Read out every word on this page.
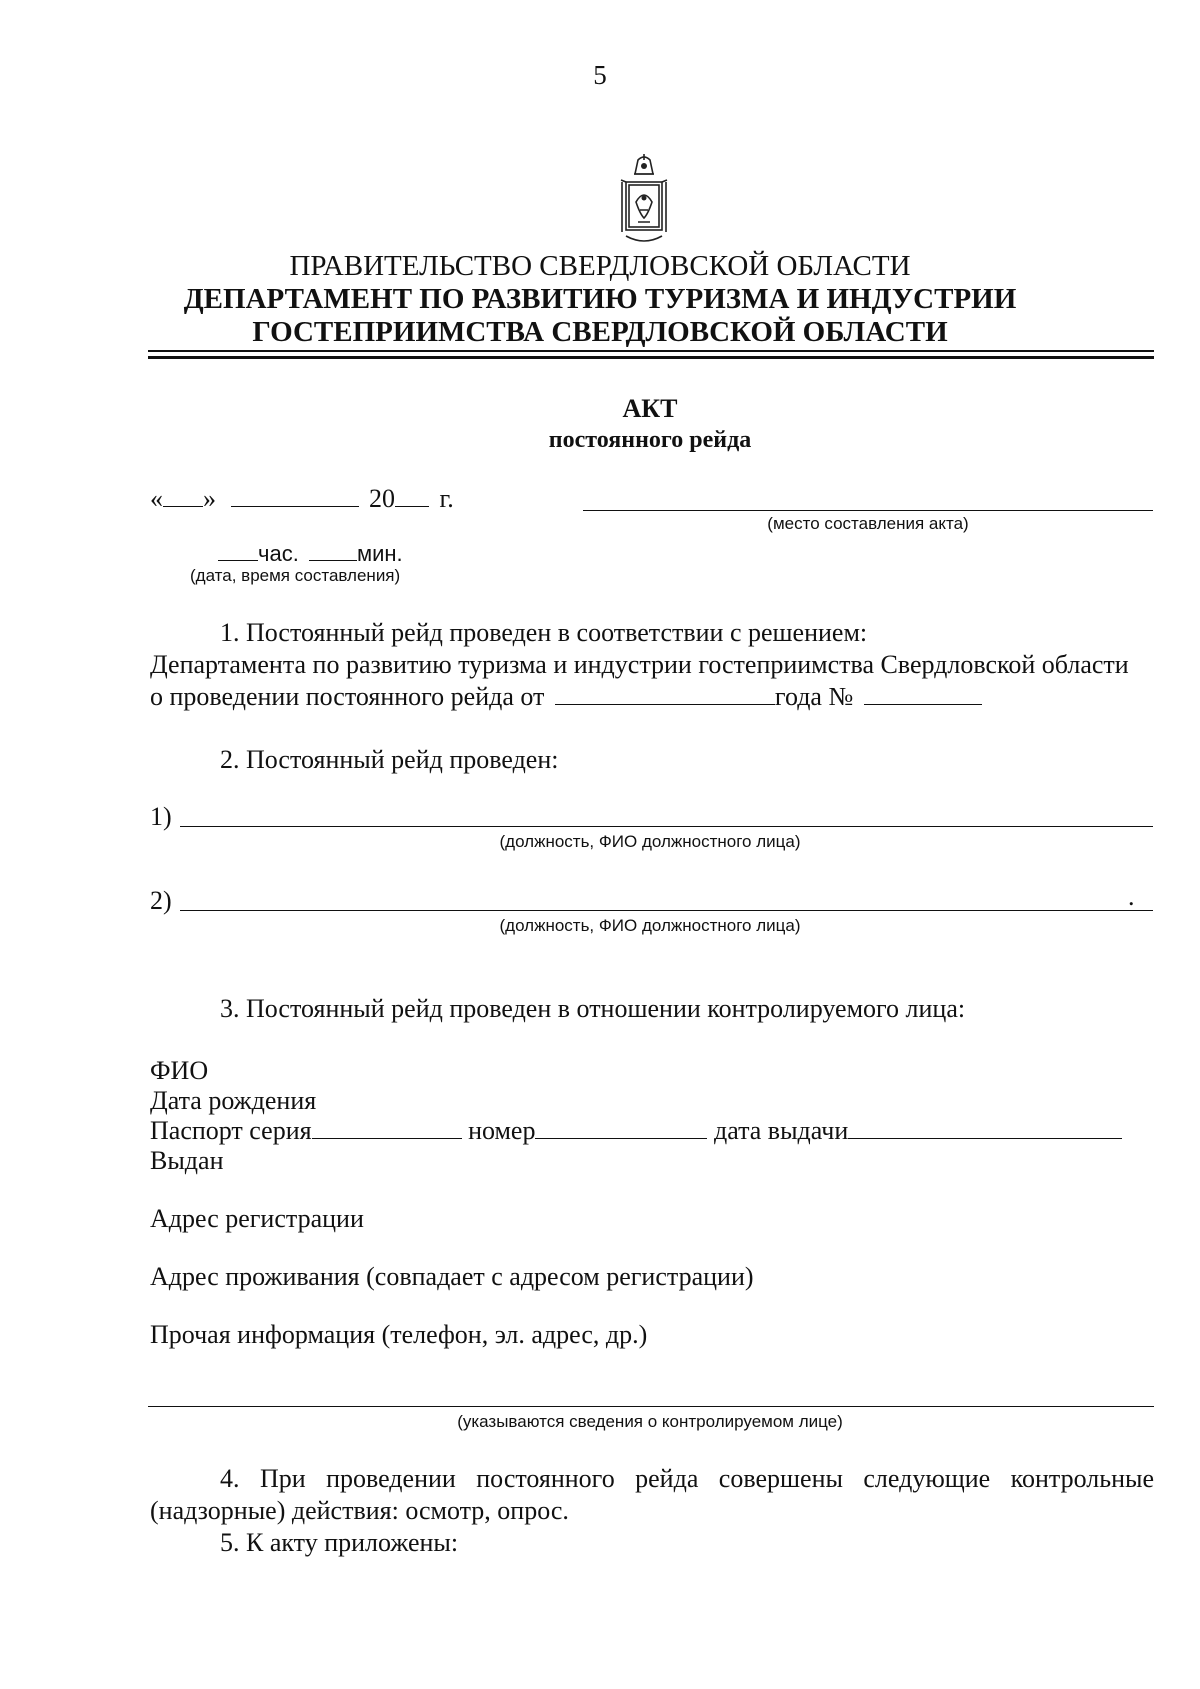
5
ПРАВИТЕЛЬСТВО СВЕРДЛОВСКОЙ ОБЛАСТИ
ДЕПАРТАМЕНТ ПО РАЗВИТИЮ ТУРИЗМА И ИНДУСТРИИ
ГОСТЕПРИИМСТВА СВЕРДЛОВСКОЙ ОБЛАСТИ
АКТ
постоянного рейда
« »	20 г.
(место составления акта)
час.	мин.
(дата, время составления)
1. Постоянный рейд проведен в соответствии с решением:
Департамента по развитию туризма и индустрии гостеприимства Свердловской области
о проведении постоянного рейда от	года №
2. Постоянный рейд проведен:
1)
(должность, ФИО должностного лица)
2)	.
(должность, ФИО должностного лица)
3. Постоянный рейд проведен в отношении контролируемого лица:
ФИО
Дата рождения
Паспорт серия	номер	дата выдачи
Выдан
Адрес регистрации
Адрес проживания (совпадает с адресом регистрации)
Прочая информация (телефон, эл. адрес, др.)
(указываются сведения о контролируемом лице)
4. При проведении постоянного рейда совершены следующие контрольные
(надзорные) действия: осмотр, опрос.
5. К акту приложены:
